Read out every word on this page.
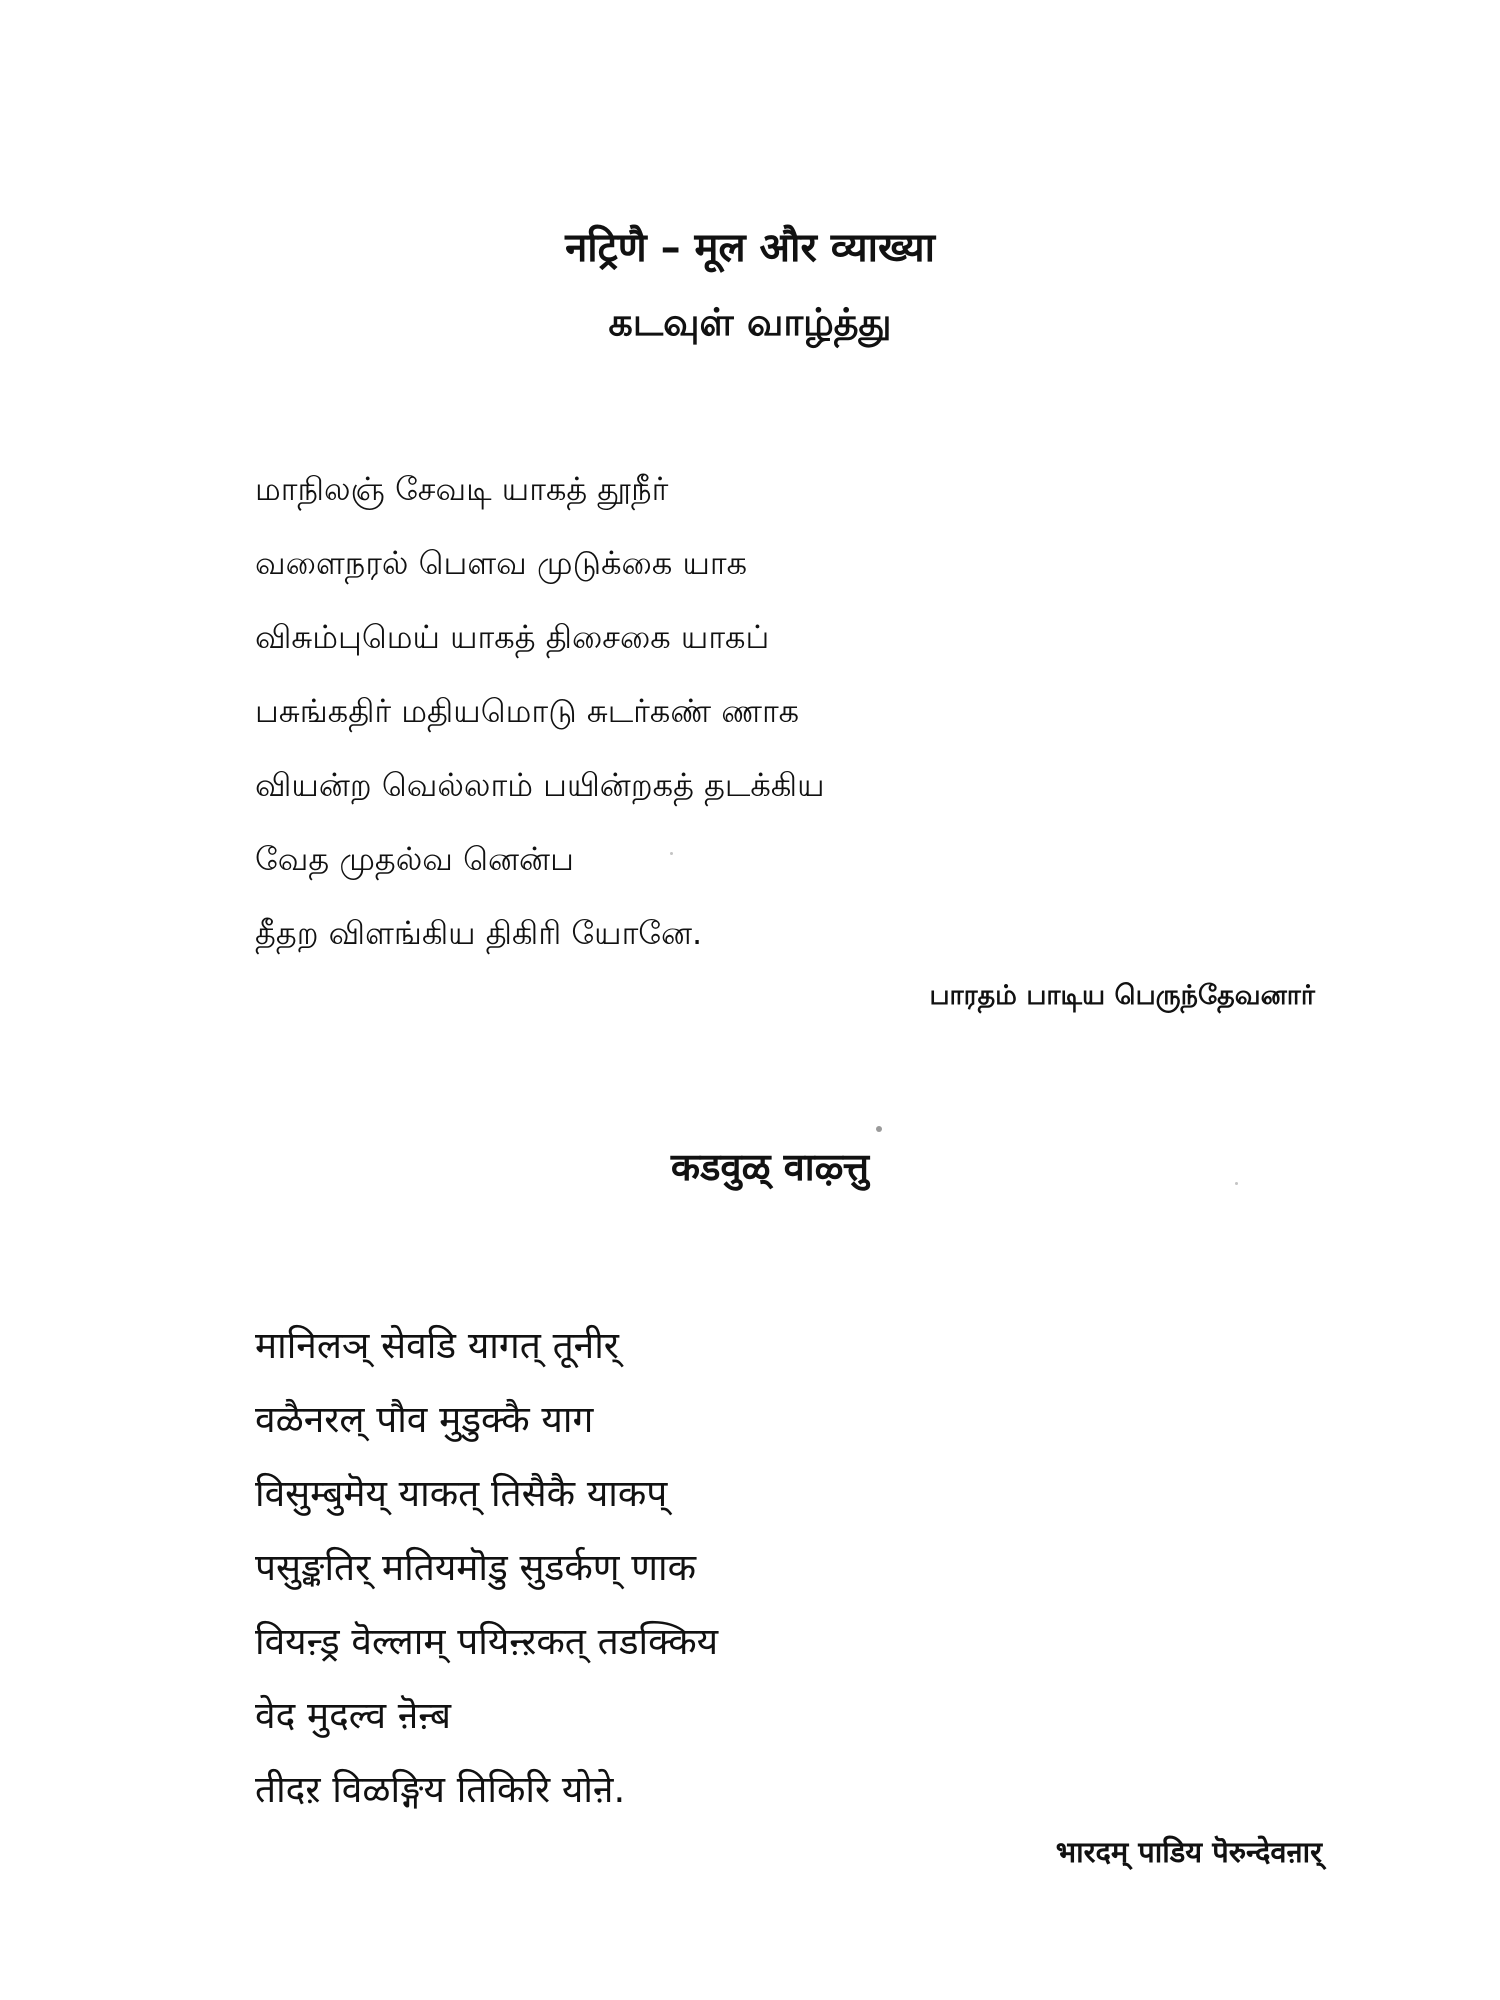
नट्रिणै – मूल और व्याख्या
கடவுள் வாழ்த்து
மாநிலஞ் சேவடி யாகத் தூநீர்
வளைநரல் பௌவ முடுக்கை யாக
விசும்புமெய் யாகத் திசைகை யாகப்
பசுங்கதிர் மதியமொடு சுடர்கண் ணாக
வியன்ற வெல்லாம் பயின்றகத் தடக்கிய
வேத முதல்வ னென்ப
தீதற விளங்கிய திகிரி யோனே.
பாரதம் பாடிய பெருந்தேவனார்
कडवुळ् वाऴ्त्तु
मानिलञ् सेवडि यागत् तूनीर्
वळैनरल् पौव मुडुक्कै याग
विसुम्बुमॆय् याकत् तिसैकै याकप्
पसुङ्कतिर् मतियमॊडु सुडर्कण् णाक
वियऩ्ड्र वॆल्लाम् पयिऩ्ऱकत् तडक्किय
वेद मुदल्व ऩॆऩ्ब
तीदऱ विळङ्गिय तिकिरि योऩे.
भारदम् पाडिय पॆरुन्देवऩार्
